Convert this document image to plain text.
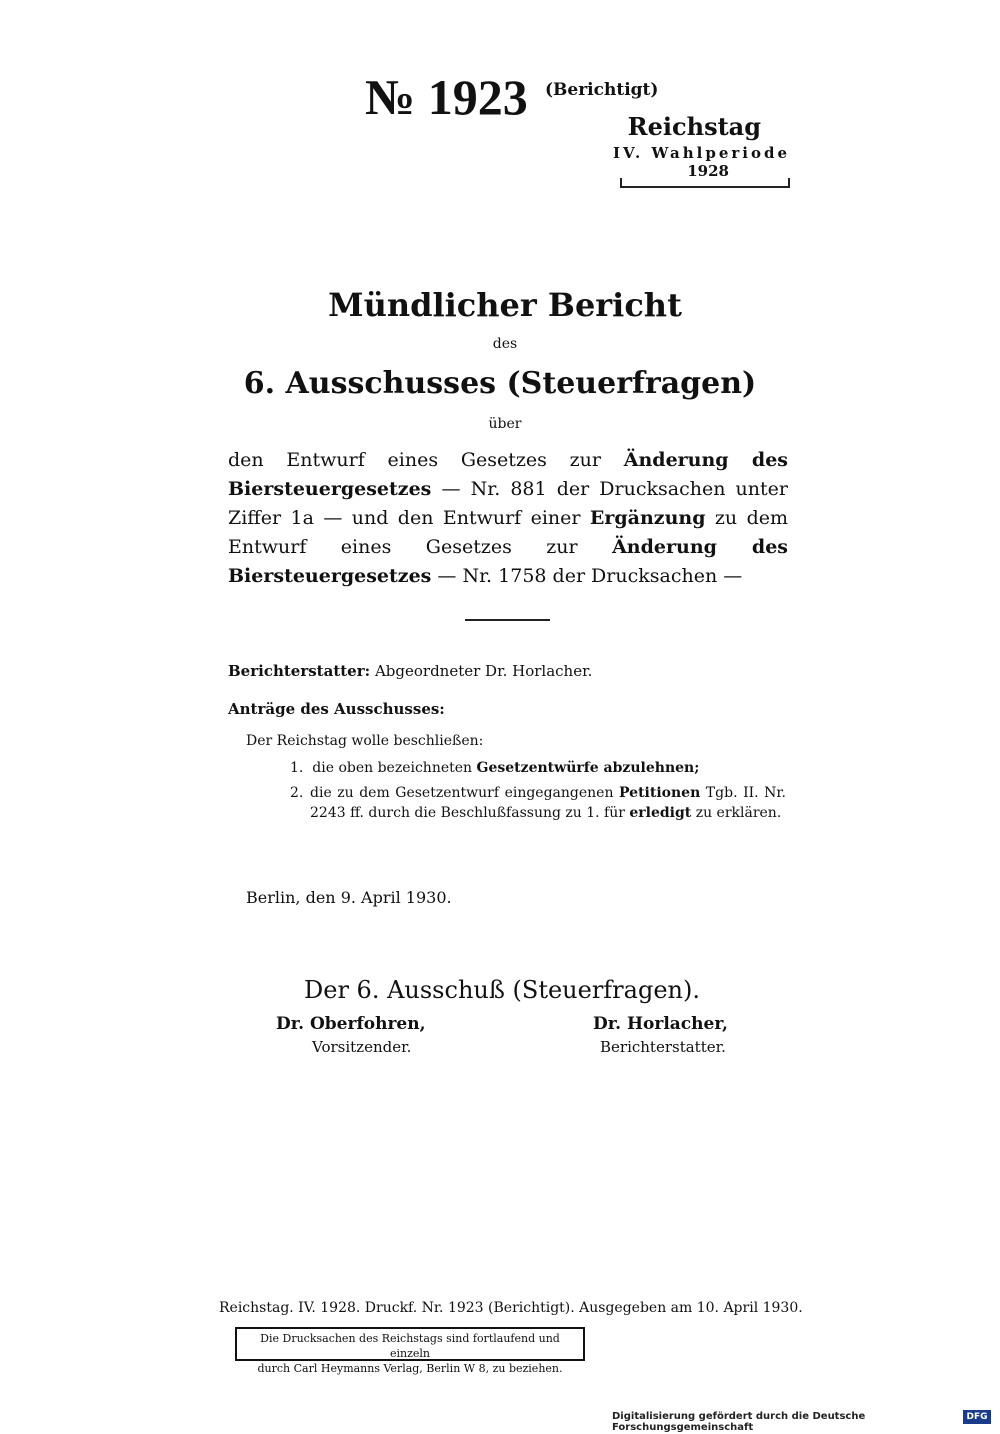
№ 1923 (Berichtigt)
Reichstag
IV. Wahlperiode
1928
Mündlicher Bericht
des
6. Ausschusses (Steuerfragen)
über
den Entwurf eines Gesetzes zur Änderung des Biersteuergesetzes — Nr. 881 der Drucksachen unter Ziffer 1a — und den Entwurf einer Ergänzung zu dem Entwurf eines Gesetzes zur Änderung des Biersteuergesetzes — Nr. 1758 der Drucksachen —
Berichterstatter: Abgeordneter Dr. Horlacher.
Anträge des Ausschusses:
Der Reichstag wolle beschließen:
1. die oben bezeichneten Gesetzentwürfe abzulehnen;
2. die zu dem Gesetzentwurf eingegangenen Petitionen Tgb. II. Nr. 2243 ff. durch die Beschlußfassung zu 1. für erledigt zu erklären.
Berlin, den 9. April 1930.
Der 6. Ausschuß (Steuerfragen).
Dr. Oberfohren,
Vorsitzender.
Dr. Horlacher,
Berichterstatter.
Reichstag. IV. 1928. Druckf. Nr. 1923 (Berichtigt). Ausgegeben am 10. April 1930.
Die Drucksachen des Reichstags sind fortlaufend und einzeln
durch Carl Heymanns Verlag, Berlin W 8, zu beziehen.
Digitalisierung gefördert durch die Deutsche Forschungsgemeinschaft
DFG
